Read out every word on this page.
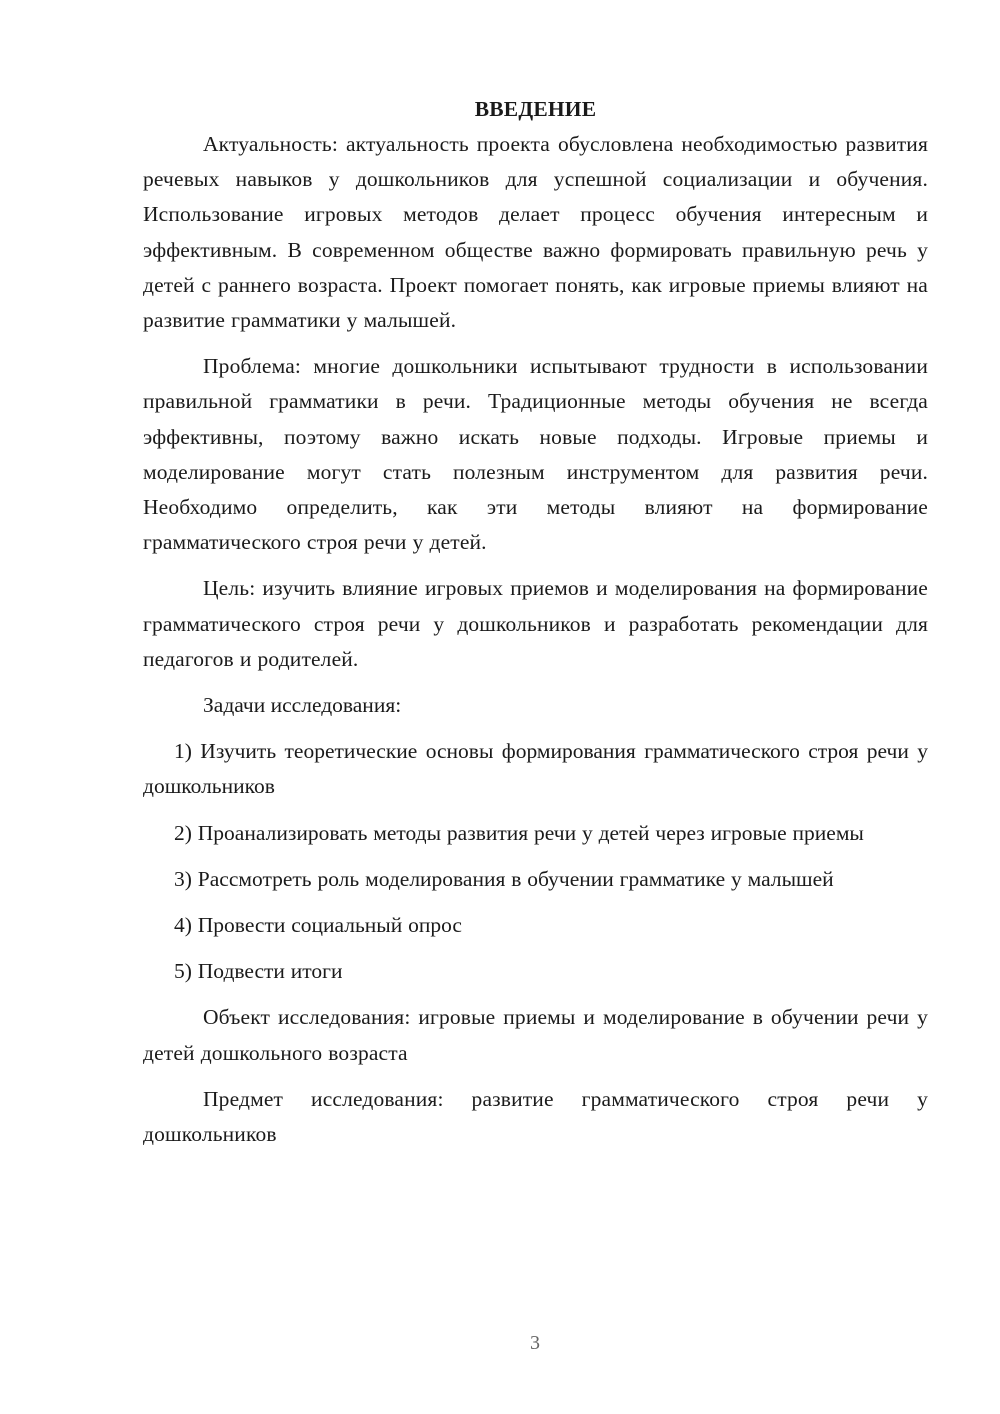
ВВЕДЕНИЕ

Актуальность: актуальность проекта обусловлена необходимостью развития речевых навыков у дошкольников для успешной социализации и обучения. Использование игровых методов делает процесс обучения интересным и эффективным. В современном обществе важно формировать правильную речь у детей с раннего возраста. Проект помогает понять, как игровые приемы влияют на развитие грамматики у малышей.

Проблема: многие дошкольники испытывают трудности в использовании правильной грамматики в речи. Традиционные методы обучения не всегда эффективны, поэтому важно искать новые подходы. Игровые приемы и моделирование могут стать полезным инструментом для развития речи. Необходимо определить, как эти методы влияют на формирование грамматического строя речи у детей.

Цель: изучить влияние игровых приемов и моделирования на формирование грамматического строя речи у дошкольников и разработать рекомендации для педагогов и родителей.

Задачи исследования:

1) Изучить теоретические основы формирования грамматического строя речи у дошкольников

2) Проанализировать методы развития речи у детей через игровые приемы

3) Рассмотреть роль моделирования в обучении грамматике у малышей

4) Провести социальный опрос

5) Подвести итоги

Объект исследования: игровые приемы и моделирование в обучении речи у детей дошкольного возраста

Предмет исследования: развитие грамматического строя речи у дошкольников

3
